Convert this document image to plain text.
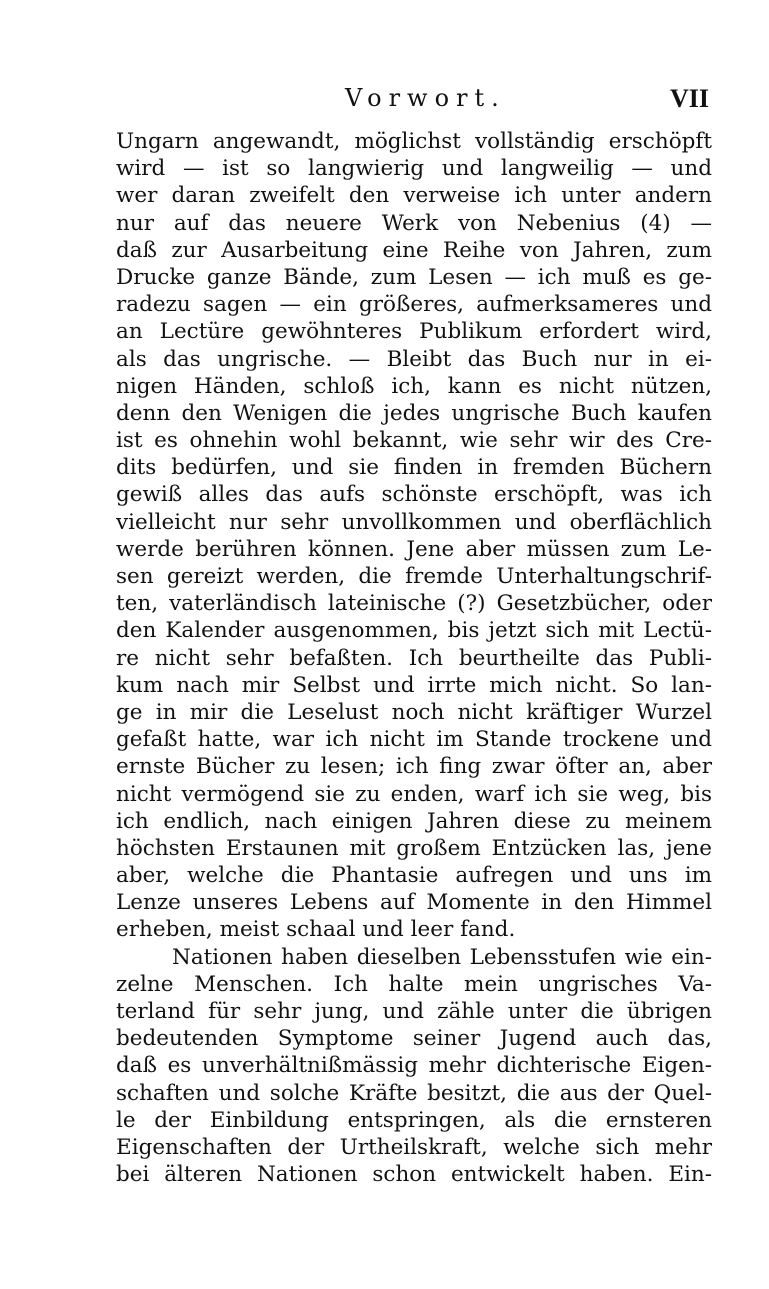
Vorwort.	VII
Ungarn angewandt, möglichst vollständig erschöpft
wird — ist so langwierig und langweilig — und
wer daran zweifelt den verweise ich unter andern
nur auf das neuere Werk von Nebenius (4) —
daß zur Ausarbeitung eine Reihe von Jahren, zum
Drucke ganze Bände, zum Lesen — ich muß es ge-
radezu sagen — ein größeres, aufmerksameres und
an Lectüre gewöhnteres Publikum erfordert wird,
als das ungrische. — Bleibt das Buch nur in ei-
nigen Händen, schloß ich, kann es nicht nützen,
denn den Wenigen die jedes ungrische Buch kaufen
ist es ohnehin wohl bekannt, wie sehr wir des Cre-
dits bedürfen, und sie finden in fremden Büchern
gewiß alles das aufs schönste erschöpft, was ich
vielleicht nur sehr unvollkommen und oberflächlich
werde berühren können. Jene aber müssen zum Le-
sen gereizt werden, die fremde Unterhaltungschrif-
ten, vaterländisch lateinische (?) Gesetzbücher, oder
den Kalender ausgenommen, bis jetzt sich mit Lectü-
re nicht sehr befaßten. Ich beurtheilte das Publi-
kum nach mir Selbst und irrte mich nicht. So lan-
ge in mir die Leselust noch nicht kräftiger Wurzel
gefaßt hatte, war ich nicht im Stande trockene und
ernste Bücher zu lesen; ich fing zwar öfter an, aber
nicht vermögend sie zu enden, warf ich sie weg, bis
ich endlich, nach einigen Jahren diese zu meinem
höchsten Erstaunen mit großem Entzücken las, jene
aber, welche die Phantasie aufregen und uns im
Lenze unseres Lebens auf Momente in den Himmel
erheben, meist schaal und leer fand.
Nationen haben dieselben Lebensstufen wie ein-
zelne Menschen. Ich halte mein ungrisches Va-
terland für sehr jung, und zähle unter die übrigen
bedeutenden Symptome seiner Jugend auch das,
daß es unverhältnißmässig mehr dichterische Eigen-
schaften und solche Kräfte besitzt, die aus der Quel-
le der Einbildung entspringen, als die ernsteren
Eigenschaften der Urtheilskraft, welche sich mehr
bei älteren Nationen schon entwickelt haben. Ein-
